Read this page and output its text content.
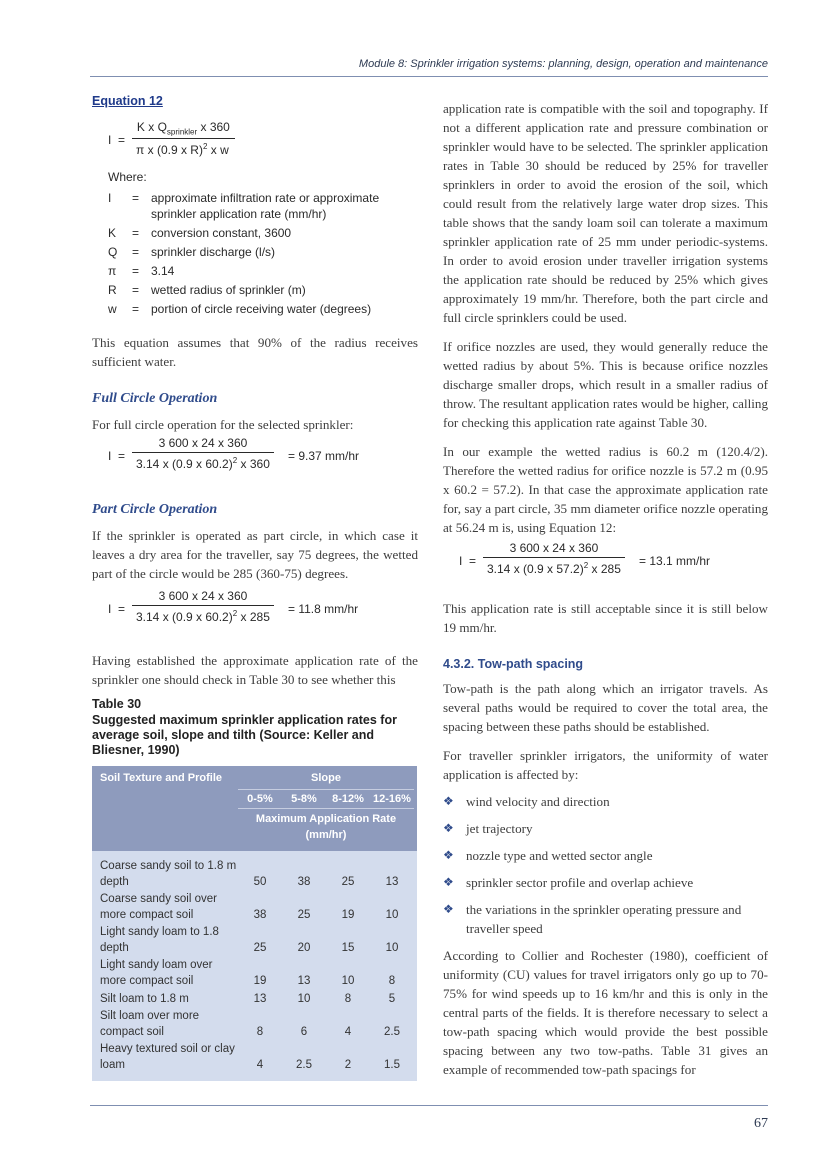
Module 8: Sprinkler irrigation systems: planning, design, operation and maintenance

Equation 12

I =
K x $Q_{sprinkler}$ x 360
π x (0.9 x R)$^2$ x w

Where:

I	= approximate infiltration rate or approximate sprinkler application rate (mm/hr)
K	= conversion constant, 3600
Q	= sprinkler discharge (l/s)
π	= 3.14
R	= wetted radius of sprinkler (m)
w	= portion of circle receiving water (degrees)

This equation assumes that 90% of the radius receives sufficient water.

Full Circle Operation

For full circle operation for the selected sprinkler:

$I = \frac{3 600 x 24 x 360}{3.14 x (0.9 x 60.2)^2 x 360} = 9.37$ mm/hr

Part Circle Operation

If the sprinkler is operated as part circle, in which case it leaves a dry area for the traveller, say 75 degrees, the wetted part of the circle would be 285 (360-75) degrees.

$I = \frac{3 600 x 24 x 360}{3.14 x (0.9 x 60.2)^2 x 285} = 11.8$ mm/hr

Having established the approximate application rate of the sprinkler one should check in Table 30 to see whether this

Table 30

Suggested maximum sprinkler application rates for average soil, slope and tilth (Source: Keller and Bliesner, 1990)

Soil Texture and Profile	Slope
0-5%	5-8%	8-12% 12-16%
Maximum Application Rate (mm/hr)
Coarse sandy soil to 1.8 m depth	50	38	25	13
Coarse sandy soil over more compact soil	38	25	19	10
Light sandy loam to 1.8 depth	25	20	15	10
Light sandy loam over more compact soil	19	13	10	8
Silt loam to 1.8 m	13	10	8	5
Silt loam over more compact soil	8	6	4	2.5
Heavy textured soil or clay loam	4	2.5	2	1.5

application rate is compatible with the soil and topography. If not a different application rate and pressure combination or sprinkler would have to be selected. The sprinkler application rates in Table 30 should be reduced by 25% for traveller sprinklers in order to avoid the erosion of the soil, which could result from the relatively large water drop sizes. This table shows that the sandy loam soil can tolerate a maximum sprinkler application rate of 25 mm under periodic-systems. In order to avoid erosion under traveller irrigation systems the application rate should be reduced by 25% which gives approximately 19 mm/hr. Therefore, both the part circle and full circle sprinklers could be used.

If orifice nozzles are used, they would generally reduce the wetted radius by about 5%. This is because orifice nozzles discharge smaller drops, which result in a smaller radius of throw. The resultant application rates would be higher, calling for checking this application rate against Table 30.

In our example the wetted radius is 60.2 m (120.4/2). Therefore the wetted radius for orifice nozzle is 57.2 m (0.95 x 60.2 = 57.2). In that case the approximate application rate for, say a part circle, 35 mm diameter orifice nozzle operating at 56.24 m is, using Equation 12:

$I = \frac{3 600 x 24 x 360}{3.14 x (0.9 x 57.2)^2 x 285} = 13.1$ mm/hr

This application rate is still acceptable since it is still below 19 mm/hr.

4.3.2. Tow-path spacing

Tow-path is the path along which an irrigator travels. As several paths would be required to cover the total area, the spacing between these paths should be established.

For traveller sprinkler irrigators, the uniformity of water application is affected by:

❖ wind velocity and direction
❖ jet trajectory
❖ nozzle type and wetted sector angle
❖ sprinkler sector profile and overlap achieve
❖ the variations in the sprinkler operating pressure and traveller speed

According to Collier and Rochester (1980), coefficient of uniformity (CU) values for travel irrigators only go up to 70-75% for wind speeds up to 16 km/hr and this is only in the central parts of the fields. It is therefore necessary to select a tow-path spacing which would provide the best possible spacing between any two tow-paths. Table 31 gives an example of recommended tow-path spacings for

67
